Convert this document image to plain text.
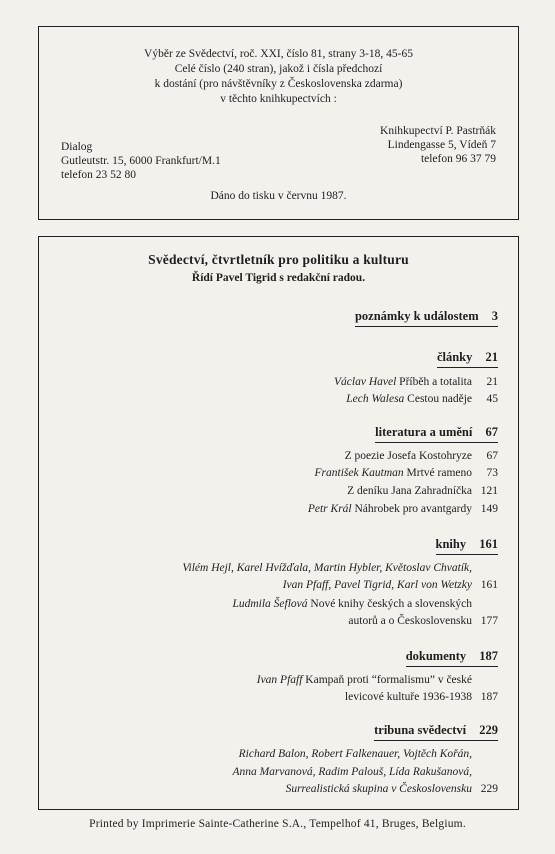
Výběr ze Svědectví, roč. XXI, číslo 81, strany 3-18, 45-65
Celé číslo (240 stran), jakož i čísla předchozí
k dostání (pro návštěvníky z Československa zdarma)
v těchto knihkupectvích :
Dialog
Gutleutstr. 15, 6000 Frankfurt/M.1
telefon 23 52 80
Knihkupectví P. Pastrňák
Lindengasse 5, Vídeň 7
telefon 96 37 79
Dáno do tisku v červnu 1987.
Svědectví, čtvrtletník pro politiku a kulturu
Řídí Pavel Tigrid s redakční radou.
poznámky k událostem 3
články 21
Václav Havel Příběh a totalita 21
Lech Walesa Cestou naděje 45
literatura a umění 67
Z poezie Josefa Kostohryze 67
František Kautman Mrtvé rameno 73
Z deníku Jana Zahradníčka 121
Petr Král Náhrobek pro avantgardy 149
knihy 161
Vilém Hejl, Karel Hvížďala, Martin Hybler, Květoslav Chvatík,
Ivan Pfaff, Pavel Tigrid, Karl von Wetzky 161
Ludmila Šeflová Nové knihy českých a slovenských
autorů a o Československu 177
dokumenty 187
Ivan Pfaff Kampaň proti “formalismu” v české
levicové kultuře 1936-1938 187
tribuna svědectví 229
Richard Balon, Robert Falkenauer, Vojtěch Kořán,
Anna Marvanová, Radim Palouš, Lída Rakušanová,
Surrealistická skupina v Československu 229
Printed by Imprimerie Sainte-Catherine S.A., Tempelhof 41, Bruges, Belgium.
